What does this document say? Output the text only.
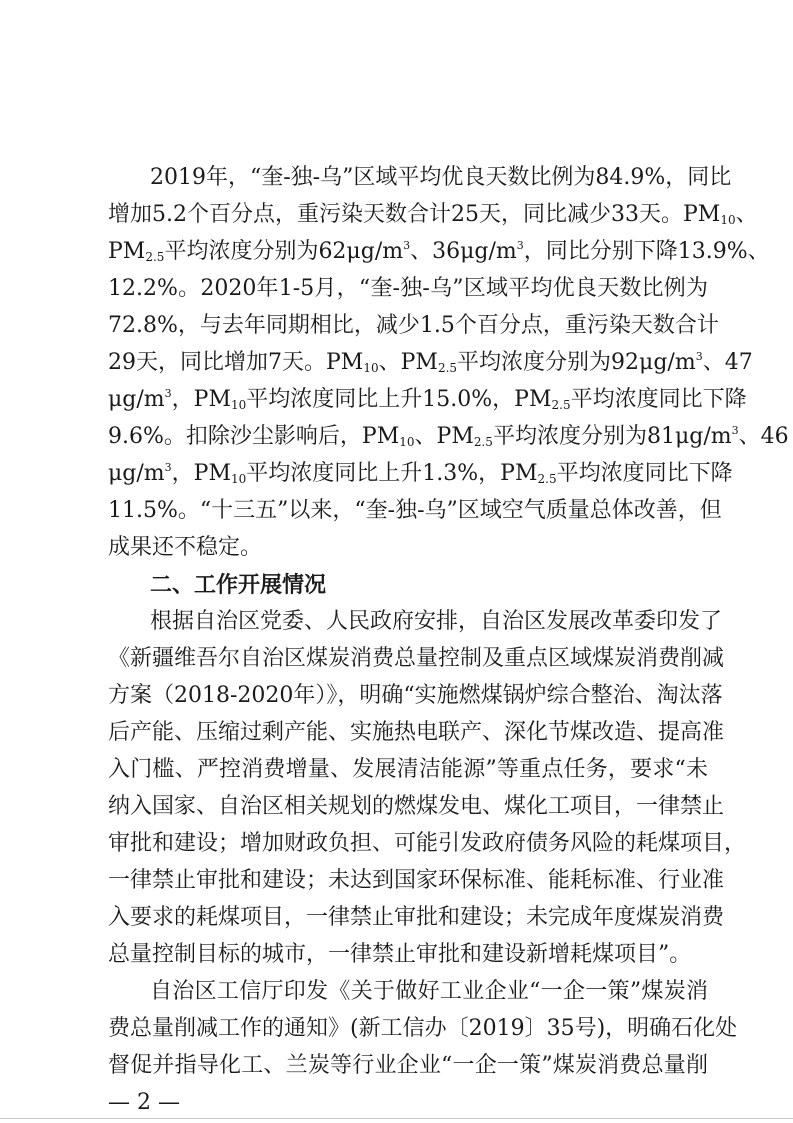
2019年，“奎-独-乌”区域平均优良天数比例为84.9%，同比
增加5.2个百分点，重污染天数合计25天，同比减少33天。$PM_{10}$、
$PM_{2.5}$平均浓度分别为$62\mu g/m^3$、$36\mu g/m^3$，同比分别下降13.9%、
12.2%。2020年1-5月，“奎-独-乌”区域平均优良天数比例为
72.8%，与去年同期相比，减少1.5个百分点，重污染天数合计
29天，同比增加7天。$PM_{10}$、$PM_{2.5}$平均浓度分别为$92\mu g/m^3$、47
$\mu g/m^3$，$PM_{10}$平均浓度同比上升15.0%，$PM_{2.5}$平均浓度同比下降
9.6%。扣除沙尘影响后，$PM_{10}$、$PM_{2.5}$平均浓度分别为$81\mu g/m^3$、46
$\mu g/m^3$，$PM_{10}$平均浓度同比上升1.3%，$PM_{2.5}$平均浓度同比下降
11.5%。“十三五”以来，“奎-独-乌”区域空气质量总体改善，但
成果还不稳定。
二、工作开展情况
根据自治区党委、人民政府安排，自治区发展改革委印发了
《新疆维吾尔自治区煤炭消费总量控制及重点区域煤炭消费削减
方案（2018-2020年）》，明确“实施燃煤锅炉综合整治、淘汰落
后产能、压缩过剩产能、实施热电联产、深化节煤改造、提高准
入门槛、严控消费增量、发展清洁能源”等重点任务，要求“未
纳入国家、自治区相关规划的燃煤发电、煤化工项目，一律禁止
审批和建设；增加财政负担、可能引发政府债务风险的耗煤项目，
一律禁止审批和建设；未达到国家环保标准、能耗标准、行业准
入要求的耗煤项目，一律禁止审批和建设；未完成年度煤炭消费
总量控制目标的城市，一律禁止审批和建设新增耗煤项目”。
自治区工信厅印发《关于做好工业企业“一企一策”煤炭消
费总量削减工作的通知》(新工信办〔2019〕35号)，明确石化处
督促并指导化工、兰炭等行业企业“一企一策”煤炭消费总量削
— 2 —
